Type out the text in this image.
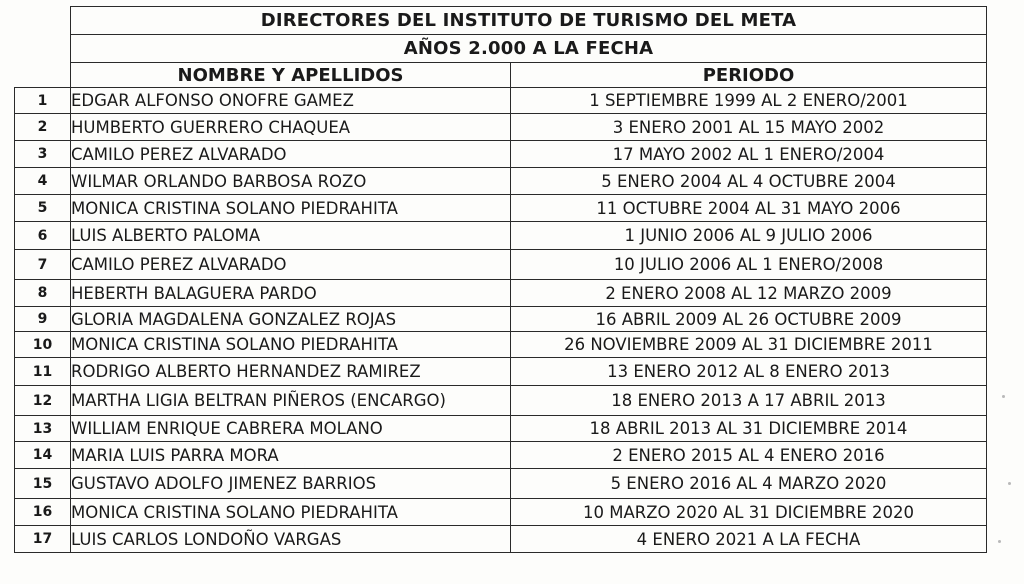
	DIRECTORES DEL INSTITUTO DE TURISMO DEL META	
	AÑOS 2.000 A LA FECHA	
	NOMBRE Y APELLIDOS	PERIODO
1	EDGAR ALFONSO ONOFRE GAMEZ	1 SEPTIEMBRE 1999 AL 2 ENERO/2001
2	HUMBERTO GUERRERO CHAQUEA	3 ENERO 2001 AL 15 MAYO 2002
3	CAMILO PEREZ ALVARADO	17 MAYO 2002 AL 1 ENERO/2004
4	WILMAR ORLANDO BARBOSA ROZO	5 ENERO 2004 AL 4 OCTUBRE 2004
5	MONICA CRISTINA SOLANO PIEDRAHITA	11 OCTUBRE 2004 AL 31 MAYO 2006
6	LUIS ALBERTO PALOMA	1 JUNIO 2006 AL 9 JULIO 2006
7	CAMILO PEREZ ALVARADO	10 JULIO 2006 AL 1 ENERO/2008
8	HEBERTH BALAGUERA PARDO	2 ENERO 2008 AL 12 MARZO 2009
9	GLORIA MAGDALENA GONZALEZ ROJAS	16 ABRIL 2009 AL 26 OCTUBRE 2009
10	MONICA CRISTINA SOLANO PIEDRAHITA	26 NOVIEMBRE 2009 AL 31 DICIEMBRE 2011
11	RODRIGO ALBERTO HERNANDEZ RAMIREZ	13 ENERO 2012 AL 8 ENERO 2013
12	MARTHA LIGIA BELTRAN PIÑEROS (ENCARGO)	18 ENERO 2013 A 17 ABRIL 2013
13	WILLIAM ENRIQUE CABRERA MOLANO	18 ABRIL 2013 AL 31 DICIEMBRE 2014
14	MARIA LUIS PARRA MORA	2 ENERO 2015 AL 4 ENERO 2016
15	GUSTAVO ADOLFO JIMENEZ BARRIOS	5 ENERO 2016 AL 4 MARZO 2020
16	MONICA CRISTINA SOLANO PIEDRAHITA	10 MARZO 2020 AL 31 DICIEMBRE 2020
17	LUIS CARLOS LONDOÑO VARGAS	4 ENERO 2021 A LA FECHA
